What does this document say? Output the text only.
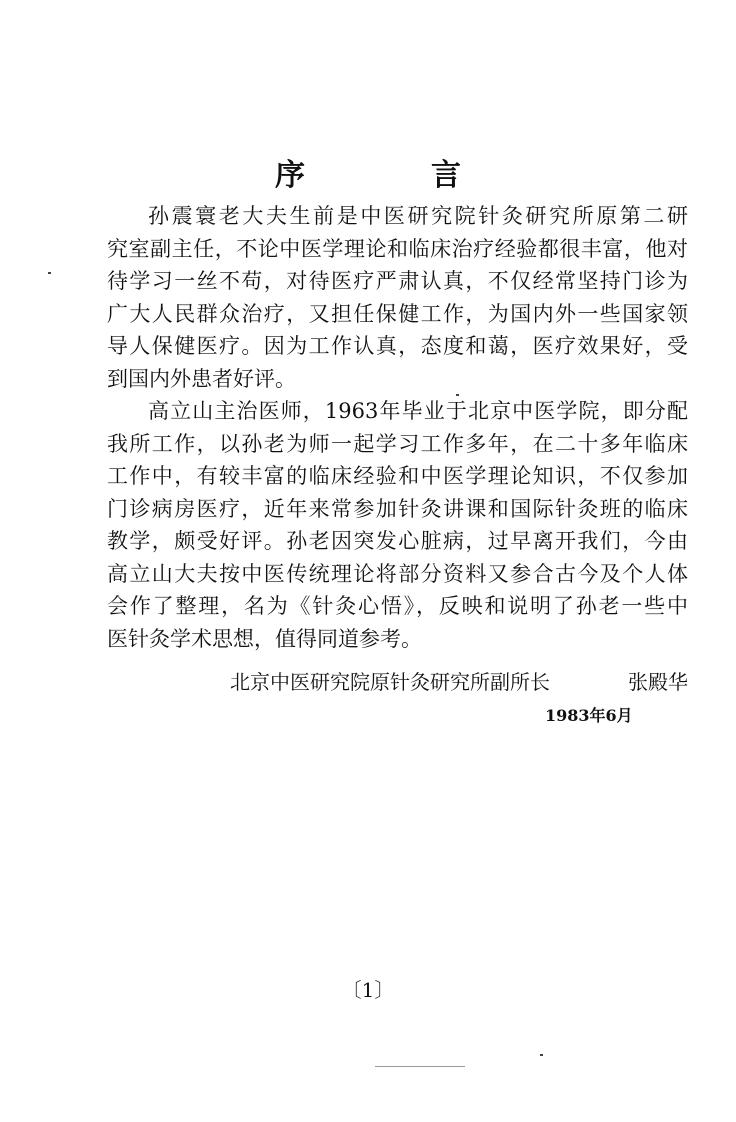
序　言
孙震寰老大夫生前是中医研究院针灸研究所原第二研
究室副主任，不论中医学理论和临床治疗经验都很丰富，他对
待学习一丝不苟，对待医疗严肃认真，不仅经常坚持门诊为
广大人民群众治疗，又担任保健工作，为国内外一些国家领
导人保健医疗。因为工作认真，态度和蔼，医疗效果好，受
到国内外患者好评。
高立山主治医师，1963年毕业于北京中医学院，即分配
我所工作，以孙老为师一起学习工作多年，在二十多年临床
工作中，有较丰富的临床经验和中医学理论知识，不仅参加
门诊病房医疗，近年来常参加针灸讲课和国际针灸班的临床
教学，颇受好评。孙老因突发心脏病，过早离开我们，今由
高立山大夫按中医传统理论将部分资料又参合古今及个人体
会作了整理，名为《针灸心悟》，反映和说明了孙老一些中
医针灸学术思想，值得同道参考。
北京中医研究院原针灸研究所副所长	张殿华
1983年6月
〔1〕
